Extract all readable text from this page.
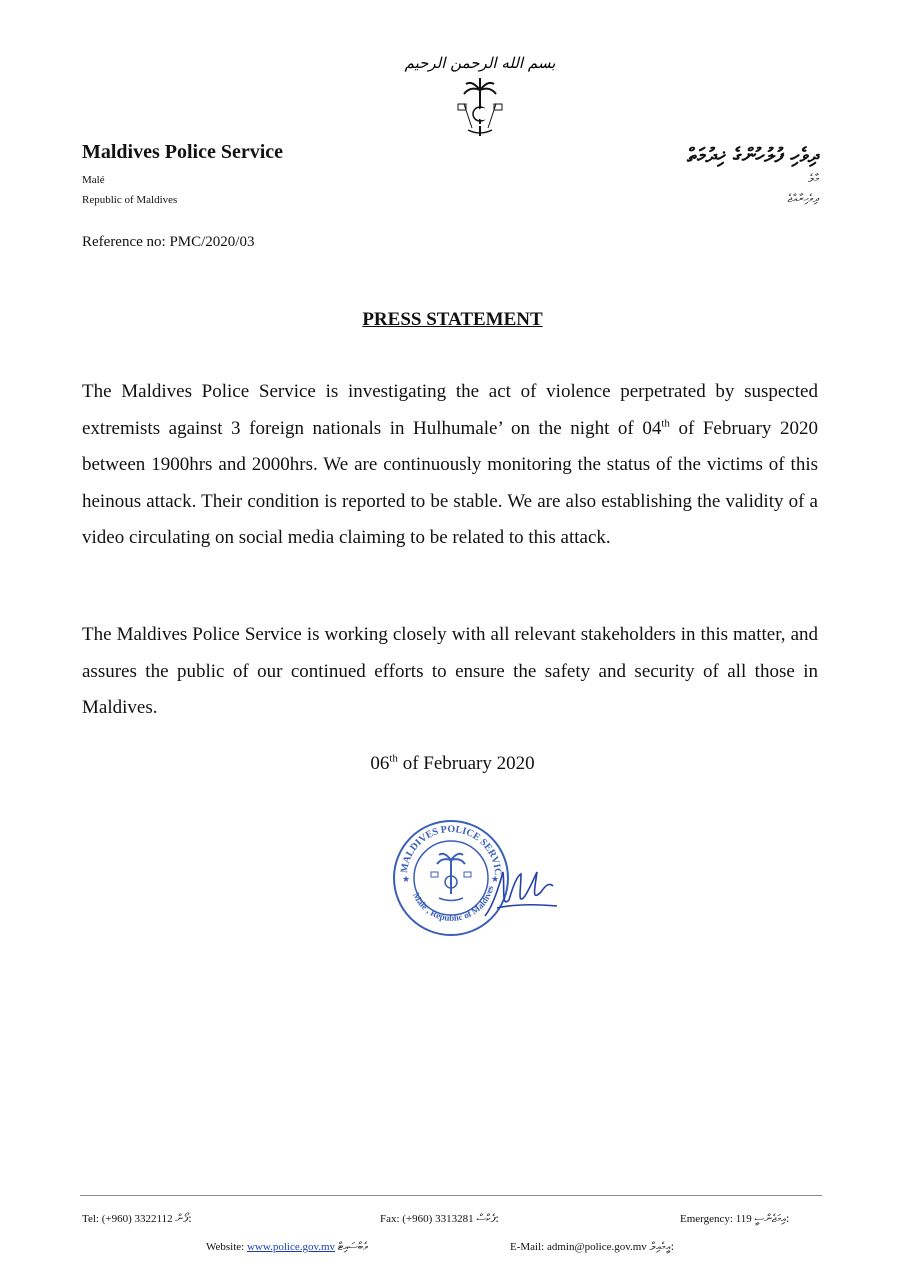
بسم الله الرحمن الرحيم
Maldives Police Service
Malé
Republic of Maldives
ދިވެހި ފުލުހުންގެ ޚިދުމަތް
މާލެ
ދިވެހިރާއްޖެ
Reference no: PMC/2020/03
PRESS STATEMENT
The Maldives Police Service is investigating the act of violence perpetrated by suspected extremists against 3 foreign nationals in Hulhumale’ on the night of 04th of February 2020 between 1900hrs and 2000hrs. We are continuously monitoring the status of the victims of this heinous attack. Their condition is reported to be stable. We are also establishing the validity of a video circulating on social media claiming to be related to this attack.
The Maldives Police Service is working closely with all relevant stakeholders in this matter, and assures the public of our continued efforts to ensure the safety and security of all those in Maldives.
06th of February 2020
MALDIVES POLICE SERVIC
Male', Republic of Maldives
★	★
Tel: (+960) 3322112 ފޯން:	Fax: (+960) 3313281 ފެކްސް:	Emergency: 119 އިމަޖެންސީ:
Website: www.police.gov.mv ވެބްސައިޓް	E-Mail: admin@police.gov.mv އީމެއިލް:
